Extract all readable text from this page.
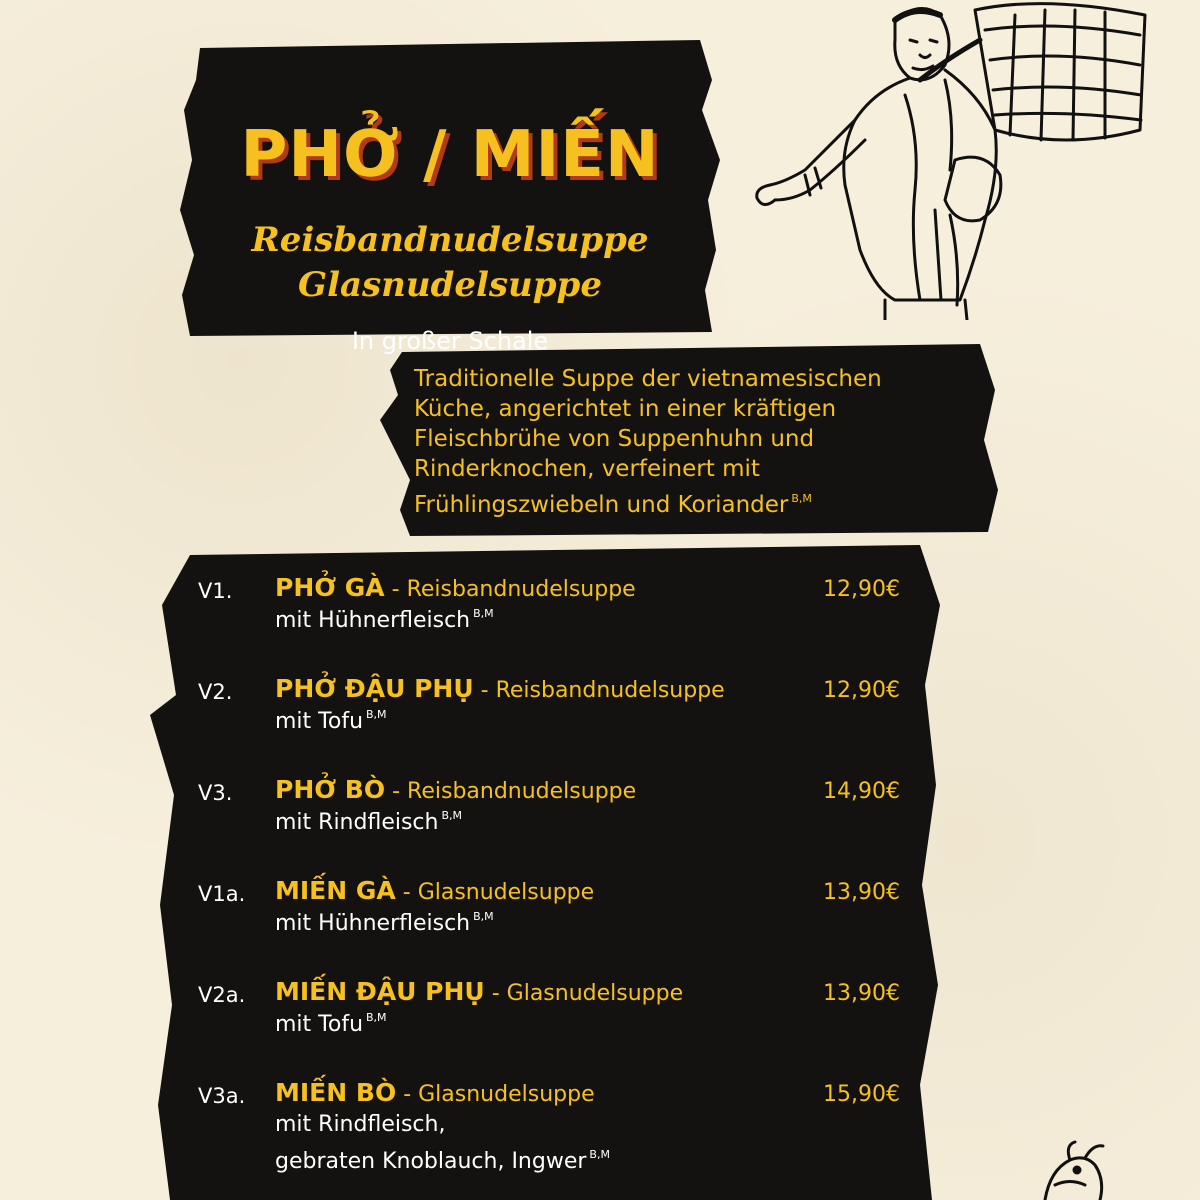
PHỞ / MIẾN
Reisbandnudelsuppe
Glasnudelsuppe
In großer Schale
Traditionelle Suppe der vietnamesischen
Küche, angerichtet in einer kräftigen
Fleischbrühe von Suppenhuhn und
Rinderknochen, verfeinert mit
Frühlingszwiebeln und Koriander $^{B,M}$
V1. PHỞ GÀ - Reisbandnudelsuppe	12,90€
mit Hühnerfleisch $^{B,M}$
V2. PHỞ ĐẬU PHỤ - Reisbandnudelsuppe	12,90€
mit Tofu $^{B,M}$
V3. PHỞ BÒ - Reisbandnudelsuppe	14,90€
mit Rindfleisch $^{B,M}$
V1a. MIẾN GÀ - Glasnudelsuppe	13,90€
mit Hühnerfleisch $^{B,M}$
V2a. MIẾN ĐẬU PHỤ - Glasnudelsuppe	13,90€
mit Tofu $^{B,M}$
V3a. MIẾN BÒ - Glasnudelsuppe	15,90€
mit Rindfleisch,
gebraten Knoblauch, Ingwer $^{B,M}$
